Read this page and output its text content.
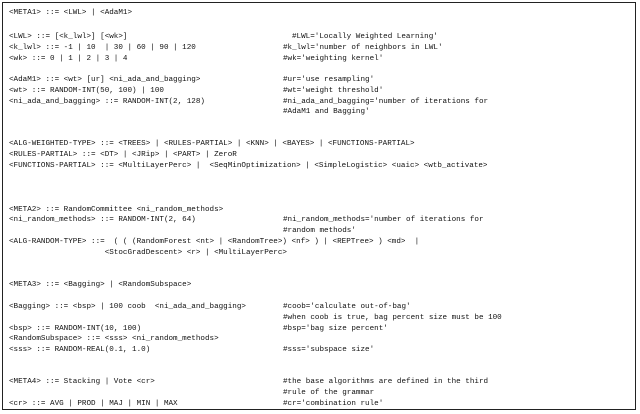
<META1> ::= <LWL> | <AdaM1>
<LWL> ::= [<k_lwl>] [<wk>]	#LWL='Locally Weighted Learning'
<k_lwl> ::= -1 | 10  | 30 | 60 | 90 | 120	#k_lwl='number of neighbors in LWL'
<wk> ::= 0 | 1 | 2 | 3 | 4	#wk='weighting kernel'
<AdaM1> ::= <wt> [ur] <ni_ada_and_bagging>	#ur='use resampling'
<wt> ::= RANDOM-INT(50, 100) | 100	#wt='weight threshold'
<ni_ada_and_bagging> ::= RANDOM-INT(2, 128)	#ni_ada_and_bagging='number of iterations for
#AdaM1 and Bagging'
<ALG-WEIGHTED-TYPE> ::= <TREES> | <RULES-PARTIAL> | <KNN> | <BAYES> | <FUNCTIONS-PARTIAL>
<RULES-PARTIAL> ::= <DT> | <JRip> | <PART> | ZeroR
<FUNCTIONS-PARTIAL> ::= <MultiLayerPerc> |  <SeqMinOptimization> | <SimpleLogistic> <uaic> <wtb_activate>
<META2> ::= RandomCommittee <ni_random_methods>
<ni_random_methods> ::= RANDOM-INT(2, 64)	#ni_random_methods='number of iterations for
#random methods'
<ALG-RANDOM-TYPE> ::=  ( ( (RandomForest <nt> | <RandomTree>) <nf> ) | <REPTree> ) <md>  |
<StocGradDescent> <r> | <MultiLayerPerc>
<META3> ::= <Bagging> | <RandomSubspace>
<Bagging> ::= <bsp> | 100 coob  <ni_ada_and_bagging>	#coob='calculate out-of-bag'
#when coob is true, bag percent size must be 100
<bsp> ::= RANDOM-INT(10, 100)	#bsp='bag size percent'
<RandomSubspace> ::= <sss> <ni_random_methods>
<sss> ::= RANDOM-REAL(0.1, 1.0)	#sss='subspace size'
<META4> ::= Stacking | Vote <cr>	#the base algorithms are defined in the third
#rule of the grammar
<cr> ::= AVG | PROD | MAJ | MIN | MAX	#cr='combination rule'
